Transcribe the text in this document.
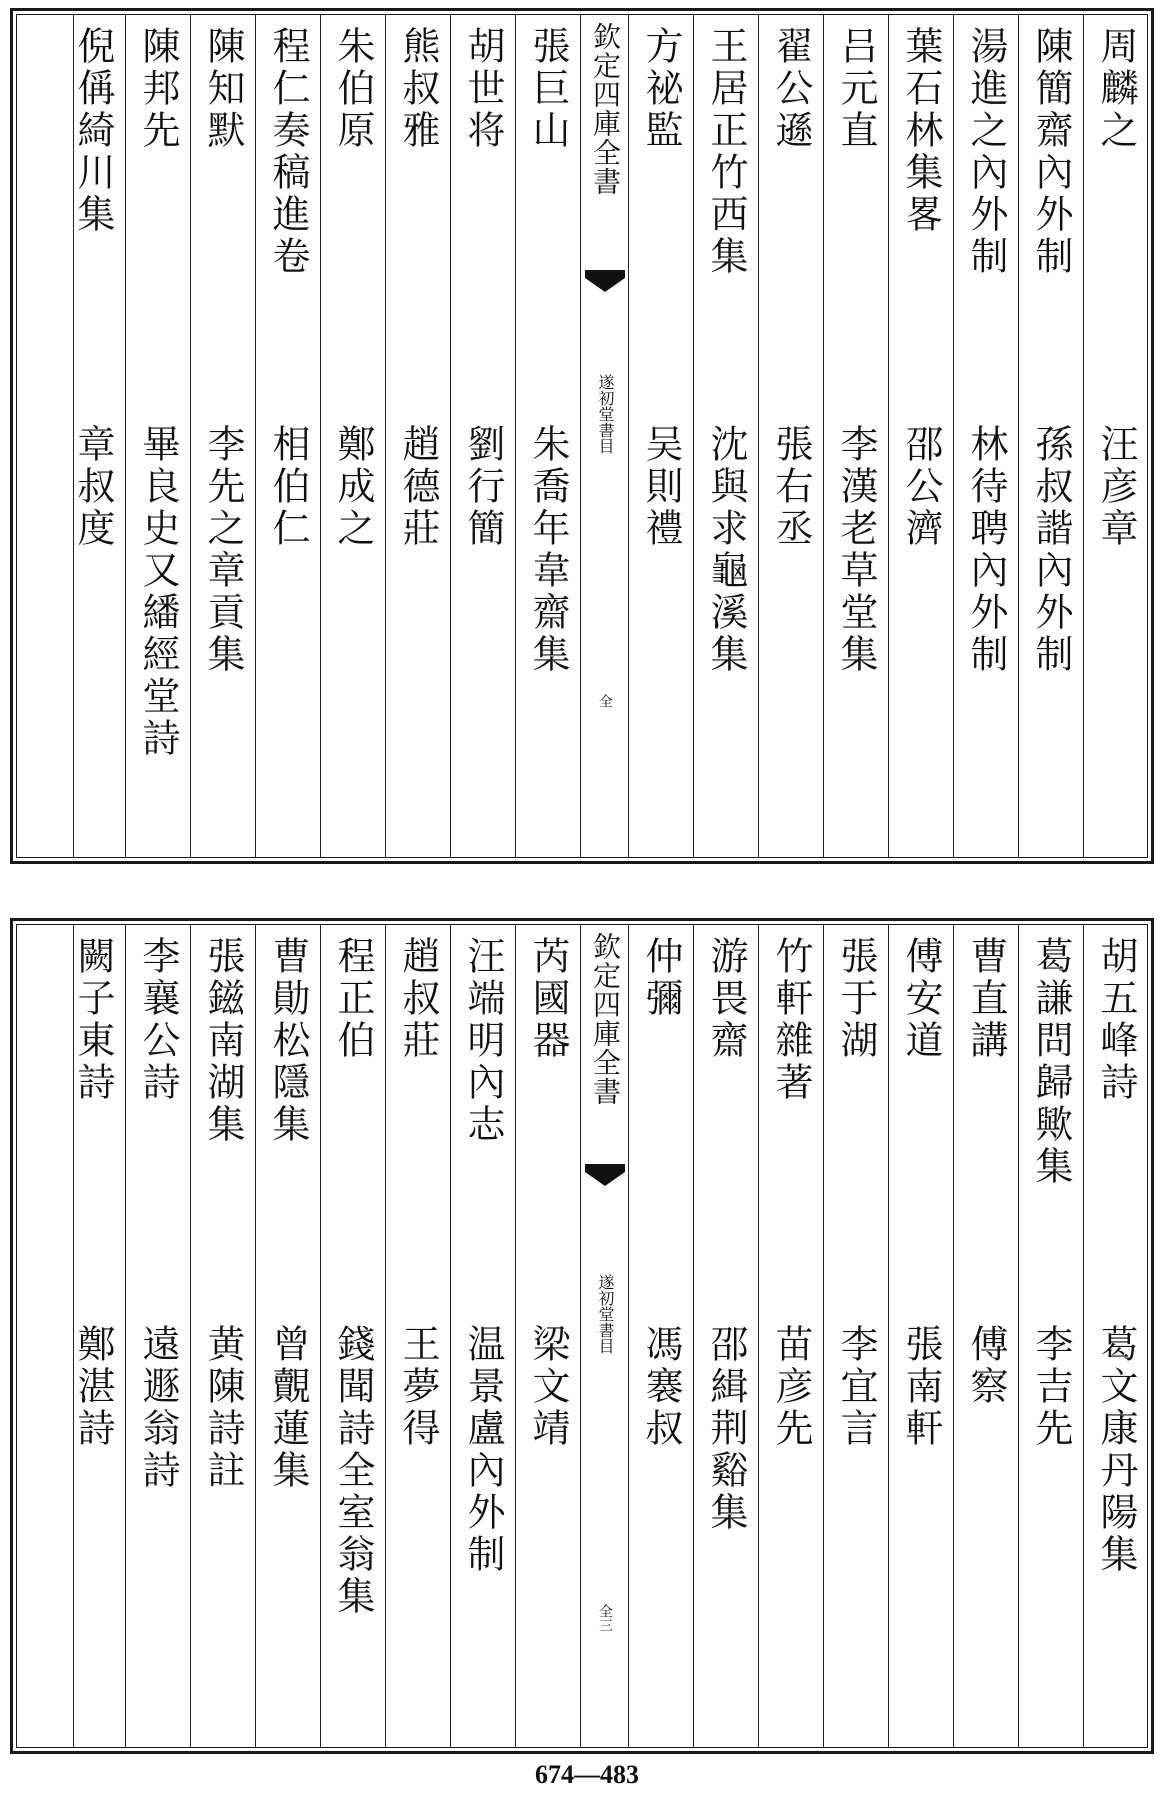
周麟之
汪彦章
陳簡齋內外制
孫叔諧內外制
湯進之內外制
林待聘內外制
葉石林集畧
邵公濟
吕元直
李漢老草堂集
翟公遜
張右丞
王居正竹西集
沈與求龜溪集
方祕監
吴則禮
欽定四庫全書
遂初堂書目
全
張巨山
朱喬年韋齋集
胡世将
劉行簡
熊叔雅
趙德莊
朱伯原
鄭成之
程仁奏稿進卷
相伯仁
陳知默
李先之章貢集
陳邦先
畢良史又繙經堂詩
倪偁綺川集
章叔度
胡五峰詩
葛文康丹陽集
葛謙問歸歟集
李吉先
曹直講
傅察
傅安道
張南軒
張于湖
李宜言
竹軒雜著
苗彦先
游畏齋
邵緝荆谿集
仲彌
馮褰叔
欽定四庫全書
遂初堂書目
全三
芮國器
梁文靖
汪端明內志
温景盧內外制
趙叔莊
王夢得
程正伯
錢聞詩全室翁集
曹勛松隱集
曾覿蓮集
張鎡南湖集
黄陳詩註
李襄公詩
遠遯翁詩
闕子東詩
鄭湛詩
674—483
